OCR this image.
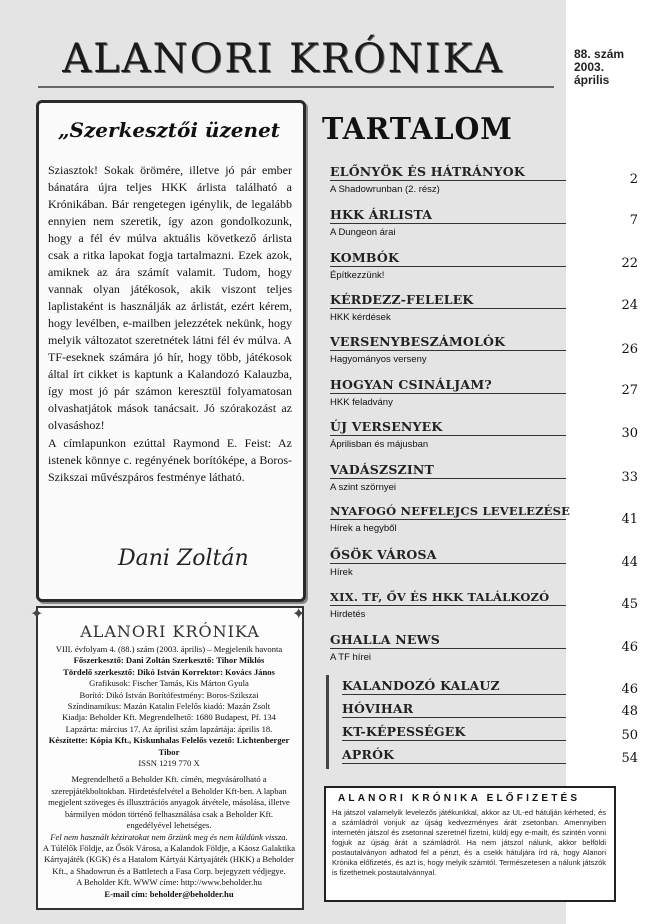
ALANORI KRÓNIKA	88. szám
2003.
április
„Szerkesztői üzenet

Sziasztok! Sokak örömére, illetve jó pár ember bánatára újra teljes HKK árlista található a Krónikában. Bár rengetegen igénylik, de legalább ennyien nem szeretik, így azon gondolkozunk, hogy a fél év múlva aktuális következő árlista csak a ritka lapokat fogja tartalmazni. Ezek azok, amiknek az ára számít valamit. Tudom, hogy vannak olyan játékosok, akik viszont teljes laplistaként is használják az árlistát, ezért kérem, hogy levélben, e-mailben jelezzétek nekünk, hogy melyik változatot szeretnétek látni fél év múlva. A TF-eseknek számára jó hír, hogy több, játékosok által írt cikket is kaptunk a Kalandozó Kalauzba, így most jó pár számon keresztül folyamatosan olvashatjátok mások tanácsait. Jó szórakozást az olvasáshoz!

A címlapunkon ezúttal Raymond E. Feist: Az istenek könnye c. regényének borítóképe, a Boros-Szikszai művészpáros festménye látható.

Dani Zoltán
✦	✦
ALANORI KRÓNIKA

VIII. évfolyam 4. (88.) szám (2003. április) – Megjelenik havonta

Főszerkesztő: Dani Zoltán Szerkesztő: Tihor Miklós

Tördelő szerkesztő: Dikó István Korrektor: Kovács János

Grafikusok: Fischer Tamás, Kis Márton Gyula

Borító: Dikó István Borítófestmény: Boros-Szikszai

Színdinamikus: Mazán Katalin Felelős kiadó: Mazán Zsolt

Kiadja: Beholder Kft. Megrendelhető: 1680 Budapest, Pf. 134

Lapzárta: március 17. Az áprilisi szám lapzártája: április 18.

Készítette: Kópia Kft., Kiskunhalas Felelős vezető: Lichtenberger Tibor

ISSN 1219 770 X

Megrendelhető a Beholder Kft. címén, megvásárolható a szerepjátékboltokban. Hirdetésfelvétel a Beholder Kft-ben. A lapban megjelent szöveges és illusztrációs anyagok átvétele, másolása, illetve bármilyen módon történő felhasználása csak a Beholder Kft. engedélyével lehetséges.

Fel nem használt kéziratokat nem őrzünk meg és nem küldünk vissza.

A Túlélők Földje, az Ősök Városa, a Kalandok Földje, a Káosz Galaktika Kártyajáték (KGK) és a Hatalom Kártyái Kártyajáték (HKK) a Beholder Kft., a Shadowrun és a Battletech a Fasa Corp. bejegyzett védjegye.

A Beholder Kft. WWW címe: http://www.beholder.hu

E-mail cím: beholder@beholder.hu

TARTALOM
ELŐNYÖK ÉS HÁTRÁNYOK
A Shadowrunban (2. rész)
2
HKK ÁRLISTA
A Dungeon árai
7
KOMBÓK
Építkezzünk!
22
KÉRDEZZ-FELELEK
HKK kérdések
24
VERSENYBESZÁMOLÓK
Hagyományos verseny
26
HOGYAN CSINÁLJAM?
HKK feladvány
27
ÚJ VERSENYEK
Áprilisban és májusban
30
VADÁSZSZINT
A szint szörnyei
33
NYAFOGÓ NEFELEJCS LEVELEZÉSE
Hírek a hegyből
41
ŐSÖK VÁROSA
Hírek
44
XIX. TF, ŐV ÉS HKK TALÁLKOZÓ
Hirdetés
45
GHALLA NEWS
A TF hírei
46
KALANDOZÓ KALAUZ	46
HÓVIHAR	48
KT-KÉPESSÉGEK	50
APRÓK	54
ALANORI KRÓNIKA ELŐFIZETÉS
Ha játszol valamelyik levelezős játékunkkal, akkor az UL-ed hátulján kérheted, és a számládról vonjuk az újság kedvezményes árát zsetonban. Amennyiben internetén játszol és zsetonnal szeretnél fizetni, küldj egy e-mailt, és szintén vonni fogjuk az újság árát a számládról. Ha nem játszol nálunk, akkor belföldi postautalványon adhatod fel a pénzt, és a csekk hátuljára írd rá, hogy Alanori Krónika előfizetés, és azt is, hogy melyik számtól. Természetesen a nálunk játszók is fizethetnek postautalvánnyal.
